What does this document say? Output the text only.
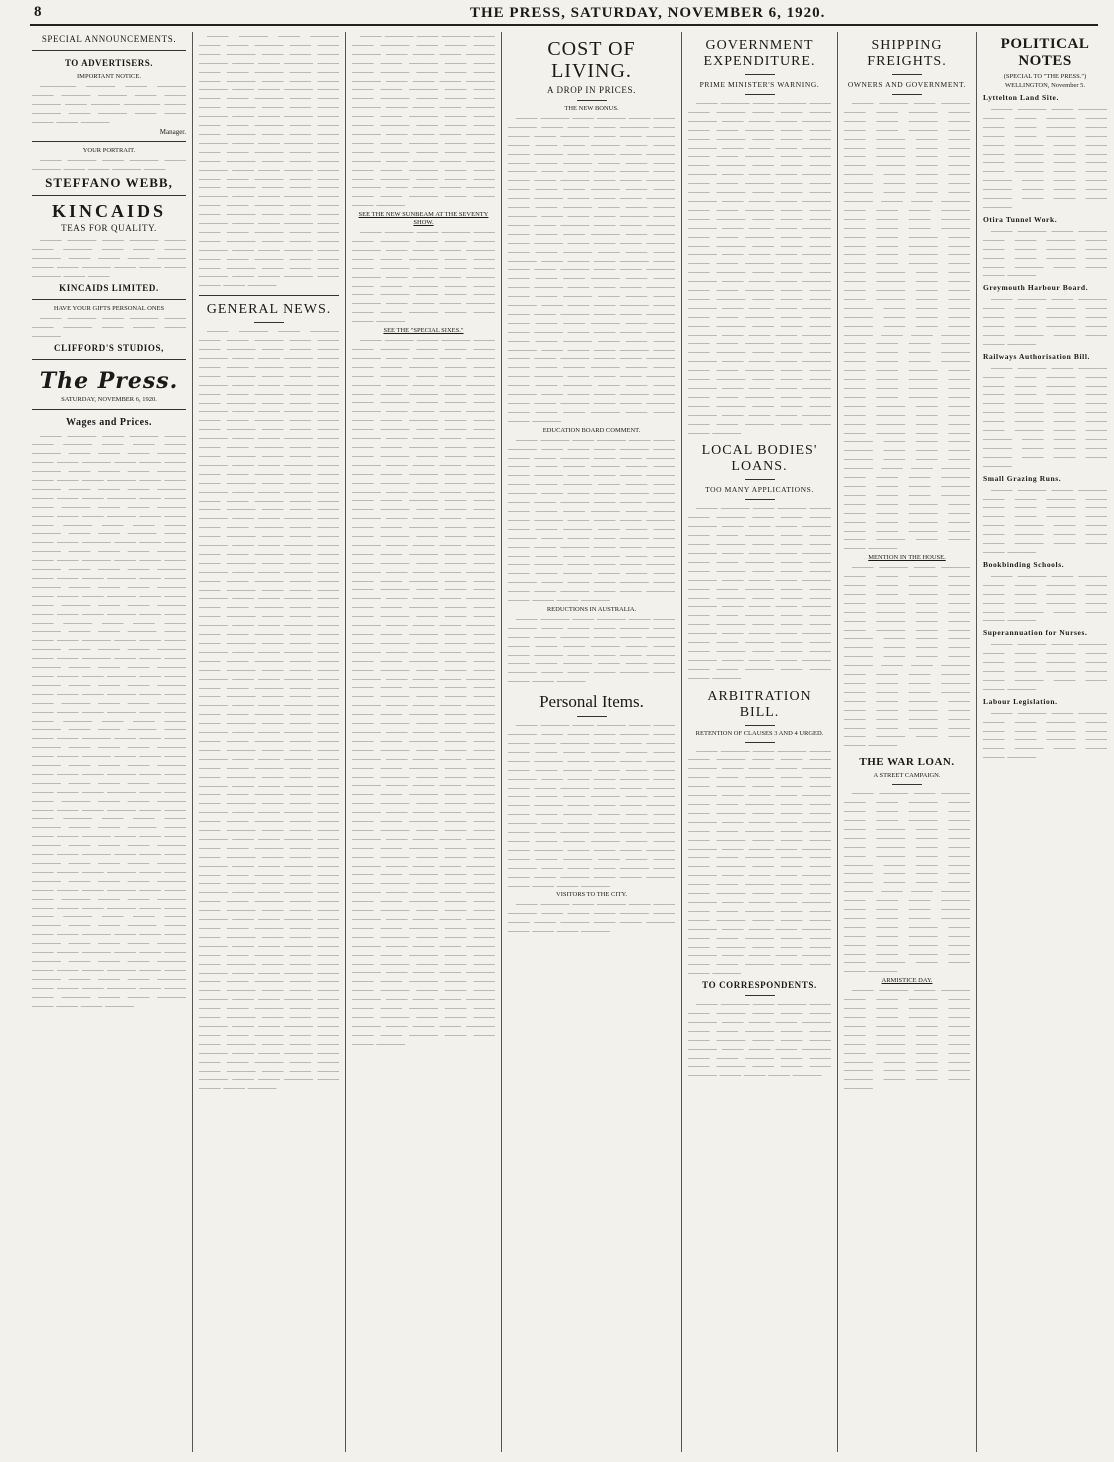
8	THE PRESS, SATURDAY, NOVEMBER 6, 1920.
SPECIAL ANNOUNCEMENTS.
TO ADVERTISERS.
IMPORTANT NOTICE.

————— ———— ——— ———— ——— ———— ———— ——— ——— ———— ——— ———— ————— ——— ———— ——— ———— ——— ——— ——— ——— ————

Manager.
YOUR PORTRAIT.

——— ———— ——— ———— ——— ———— ——— ——— ———— ———

STEFFANO WEBB,
KINCAIDS
TEAS FOR QUALITY.

——— ———— ——— ———— ——— ——— ———— ——— ——— ——— ———— ——— ——— ——— ———— ——— ——— ———— ——— ——— ——— ———— ——— ———

KINCAIDS LIMITED.
HAVE YOUR GIFTS PERSONAL ONES

——— ———— ——— ———— ——— ——— ———— ——— ——— ——— ————

CLIFFORD'S STUDIOS,
The Press.
SATURDAY, NOVEMBER 6, 1920.
Wages and Prices.

——— ———— ——— ———— ——— ——— ———— ——— ——— ——— ———— ——— ——— ——— ———— ——— ——— ———— ——— ——— ——— ———— ——— ——— ——— ———— ——— ——— ——— ———— ——— ——— ———— ——— ——— ——— ———— ——— ——— ——— ———— ——— ——— ——— ———— ——— ——— ———— ——— ——— ——— ———— ——— ——— ——— ———— ——— ——— ——— ———— ——— ——— ———— ——— ——— ——— ———— ——— ——— ——— ———— ——— ——— ——— ———— ——— ——— ———— ——— ——— ——— ———— ——— ——— ——— ———— ——— ——— ——— ———— ——— ——— ———— ——— ——— ——— ———— ——— ——— ——— ———— ——— ——— ——— ———— ——— ——— ———— ——— ——— ——— ———— ——— ——— ——— ———— ——— ——— ——— ———— ——— ——— ———— ——— ——— ——— ———— ——— ——— ——— ———— ——— ——— ——— ———— ——— ——— ———— ——— ——— ——— ———— ——— ——— ——— ———— ——— ——— ——— ———— ——— ——— ———— ——— ——— ——— ———— ——— ——— ——— ———— ——— ——— ——— ———— ——— ——— ———— ——— ——— ——— ———— ——— ——— ——— ———— ——— ——— ——— ———— ——— ——— ———— ——— ——— ——— ———— ——— ——— ——— ———— ——— ——— ——— ———— ——— ——— ———— ——— ——— ——— ———— ——— ——— ——— ———— ——— ——— ——— ———— ——— ——— ———— ——— ——— ——— ———— ——— ——— ——— ———— ——— ——— ——— ———— ——— ——— ———— ——— ——— ——— ———— ——— ——— ——— ———— ——— ——— ——— ———— ——— ——— ———— ——— ——— ——— ———— ——— ——— ——— ———— ——— ——— ——— ———— ——— ——— ———— ——— ——— ——— ———— ——— ——— ——— ———— ——— ——— ——— ———— ——— ——— ———— ——— ——— ——— ———— ——— ——— ——— ———— ——— ——— ——— ———— ——— ——— ———— ——— ——— ——— ———— ——— ——— ——— ———— ——— ——— ——— ———— ——— ——— ———— ——— ——— ——— ———— ——— ——— ——— ———— ——— ——— ——— ———— ——— ——— ———— ——— ——— ——— ———— ——— ——— ——— ———— ——— ——— ——— ———— ——— ——— ———— ——— ——— ——— ———— ——— ——— ——— ———— ——— ——— ——— ———— ——— ——— ———— ——— ——— ——— ————

——— ———— ——— ———— ——— ——— ———— ——— ——— ——— ———— ——— ——— ——— ———— ——— ——— ———— ——— ——— ——— ———— ——— ——— ——— ———— ——— ——— ——— ———— ——— ——— ———— ——— ——— ——— ———— ——— ——— ——— ———— ——— ——— ——— ———— ——— ——— ———— ——— ——— ——— ———— ——— ——— ——— ———— ——— ——— ——— ———— ——— ——— ———— ——— ——— ——— ———— ——— ——— ——— ———— ——— ——— ——— ———— ——— ——— ———— ——— ——— ——— ———— ——— ——— ——— ———— ——— ——— ——— ———— ——— ——— ———— ——— ——— ——— ———— ——— ——— ——— ———— ——— ——— ——— ———— ——— ——— ———— ——— ——— ——— ———— ——— ——— ——— ———— ——— ——— ——— ———— ——— ——— ———— ——— ——— ——— ———— ——— ——— ——— ———— ——— ——— ——— ———— ——— ——— ———— ——— ——— ——— ————

GENERAL NEWS.

——— ———— ——— ———— ——— ——— ———— ——— ——— ——— ———— ——— ——— ——— ———— ——— ——— ———— ——— ——— ——— ———— ——— ——— ——— ———— ——— ——— ——— ———— ——— ——— ———— ——— ——— ——— ———— ——— ——— ——— ———— ——— ——— ——— ———— ——— ——— ———— ——— ——— ——— ———— ——— ——— ——— ———— ——— ——— ——— ———— ——— ——— ———— ——— ——— ——— ———— ——— ——— ——— ———— ——— ——— ——— ———— ——— ——— ———— ——— ——— ——— ———— ——— ——— ——— ———— ——— ——— ——— ———— ——— ——— ———— ——— ——— ——— ———— ——— ——— ——— ———— ——— ——— ——— ———— ——— ——— ———— ——— ——— ——— ———— ——— ——— ——— ———— ——— ——— ——— ———— ——— ——— ———— ——— ——— ——— ———— ——— ——— ——— ———— ——— ——— ——— ———— ——— ——— ———— ——— ——— ——— ———— ——— ——— ——— ———— ——— ——— ——— ———— ——— ——— ———— ——— ——— ——— ———— ——— ——— ——— ———— ——— ——— ——— ———— ——— ——— ———— ——— ——— ——— ———— ——— ——— ——— ———— ——— ——— ——— ———— ——— ——— ———— ——— ——— ——— ———— ——— ——— ——— ———— ——— ——— ——— ———— ——— ——— ———— ——— ——— ——— ———— ——— ——— ——— ———— ——— ——— ——— ———— ——— ——— ———— ——— ——— ——— ———— ——— ——— ——— ———— ——— ——— ——— ———— ——— ——— ———— ——— ——— ——— ———— ——— ——— ——— ———— ——— ——— ——— ———— ——— ——— ———— ——— ——— ——— ———— ——— ——— ——— ———— ——— ——— ——— ———— ——— ——— ———— ——— ——— ——— ———— ——— ——— ——— ———— ——— ——— ——— ———— ——— ——— ———— ——— ——— ——— ———— ——— ——— ——— ———— ——— ——— ——— ———— ——— ——— ———— ——— ——— ——— ———— ——— ——— ——— ———— ——— ——— ——— ———— ——— ——— ———— ——— ——— ——— ———— ——— ——— ——— ———— ——— ——— ——— ———— ——— ——— ———— ——— ——— ——— ———— ——— ——— ——— ———— ——— ——— ——— ———— ——— ——— ———— ——— ——— ——— ———— ——— ——— ——— ———— ——— ——— ——— ———— ——— ——— ———— ——— ——— ——— ———— ——— ——— ——— ———— ——— ——— ——— ———— ——— ——— ———— ——— ——— ——— ———— ——— ——— ——— ———— ——— ——— ——— ———— ——— ——— ———— ——— ——— ——— ———— ——— ——— ——— ———— ——— ——— ——— ———— ——— ——— ———— ——— ——— ——— ———— ——— ——— ——— ———— ——— ——— ——— ———— ——— ——— ———— ——— ——— ——— ———— ——— ——— ——— ———— ——— ——— ——— ———— ——— ——— ———— ——— ——— ——— ————

——— ———— ——— ———— ——— ——— ———— ——— ——— ——— ———— ——— ——— ——— ———— ——— ——— ———— ——— ——— ——— ———— ——— ——— ——— ———— ——— ——— ——— ———— ——— ——— ———— ——— ——— ——— ———— ——— ——— ——— ———— ——— ——— ——— ———— ——— ——— ———— ——— ——— ——— ———— ——— ——— ——— ———— ——— ——— ——— ———— ——— ——— ———— ——— ——— ——— ———— ——— ——— ——— ———— ——— ——— ——— ———— ——— ——— ———— ——— ——— ——— ———— ——— ——— ——— ———— ——— ——— ——— ———— ——— ——— ———— ——— ——— ——— ————

SEE THE NEW SUNBEAM AT THE SEVENTY SHOW.

——— ———— ——— ———— ——— ——— ———— ——— ——— ——— ———— ——— ——— ——— ———— ——— ——— ———— ——— ——— ——— ———— ——— ——— ——— ———— ——— ——— ——— ———— ——— ——— ———— ——— ——— ——— ———— ——— ——— ——— ———— ——— ——— ——— ———— ——— ——— ———— ——— ——— ——— ————

SEE THE "SPECIAL SIXES."

——— ———— ——— ———— ——— ——— ———— ——— ——— ——— ———— ——— ——— ——— ———— ——— ——— ———— ——— ——— ——— ———— ——— ——— ——— ———— ——— ——— ——— ———— ——— ——— ———— ——— ——— ——— ———— ——— ——— ——— ———— ——— ——— ——— ———— ——— ——— ———— ——— ——— ——— ———— ——— ——— ——— ———— ——— ——— ——— ———— ——— ——— ———— ——— ——— ——— ———— ——— ——— ——— ———— ——— ——— ——— ———— ——— ——— ———— ——— ——— ——— ———— ——— ——— ——— ———— ——— ——— ——— ———— ——— ——— ———— ——— ——— ——— ———— ——— ——— ——— ———— ——— ——— ——— ———— ——— ——— ———— ——— ——— ——— ———— ——— ——— ——— ———— ——— ——— ——— ———— ——— ——— ———— ——— ——— ——— ———— ——— ——— ——— ———— ——— ——— ——— ———— ——— ——— ———— ——— ——— ——— ———— ——— ——— ——— ———— ——— ——— ——— ———— ——— ——— ———— ——— ——— ——— ———— ——— ——— ——— ———— ——— ——— ——— ———— ——— ——— ———— ——— ——— ——— ———— ——— ——— ——— ———— ——— ——— ——— ———— ——— ——— ———— ——— ——— ——— ———— ——— ——— ——— ———— ——— ——— ——— ———— ——— ——— ———— ——— ——— ——— ———— ——— ——— ——— ———— ——— ——— ——— ———— ——— ——— ———— ——— ——— ——— ———— ——— ——— ——— ———— ——— ——— ——— ———— ——— ——— ———— ——— ——— ——— ———— ——— ——— ——— ———— ——— ——— ——— ———— ——— ——— ———— ——— ——— ——— ———— ——— ——— ——— ———— ——— ——— ——— ———— ——— ——— ———— ——— ——— ——— ———— ——— ——— ——— ———— ——— ——— ——— ———— ——— ——— ———— ——— ——— ——— ———— ——— ——— ——— ———— ——— ——— ——— ———— ——— ——— ———— ——— ——— ——— ———— ——— ——— ——— ———— ——— ——— ——— ———— ——— ——— ———— ——— ——— ——— ———— ——— ——— ——— ———— ——— ——— ——— ———— ——— ——— ———— ——— ——— ——— ———— ——— ——— ——— ———— ——— ——— ——— ———— ——— ——— ———— ——— ——— ——— ———— ——— ——— ——— ———— ——— ——— ——— ———— ——— ——— ———— ——— ——— ——— ———— ——— ——— ——— ———— ——— ——— ——— ———— ——— ——— ———— ——— ——— ——— ———— ——— ——— ——— ———— ——— ——— ——— ———— ——— ——— ———— ——— ——— ——— ———— ——— ——— ——— ———— ——— ——— ——— ———— ——— ——— ———— ——— ——— ——— ————

COST OF LIVING.
A DROP IN PRICES.
THE NEW BONUS.

——— ———— ——— ———— ——— ——— ———— ——— ——— ——— ———— ——— ——— ——— ———— ——— ——— ———— ——— ——— ——— ———— ——— ——— ——— ———— ——— ——— ——— ———— ——— ——— ———— ——— ——— ——— ———— ——— ——— ——— ———— ——— ——— ——— ———— ——— ——— ———— ——— ——— ——— ———— ——— ——— ——— ———— ——— ——— ——— ———— ——— ——— ———— ——— ——— ——— ———— ——— ——— ——— ———— ——— ——— ——— ———— ——— ——— ———— ——— ——— ——— ———— ——— ——— ——— ———— ——— ——— ——— ———— ——— ——— ———— ——— ——— ——— ———— ——— ——— ——— ———— ——— ——— ——— ———— ——— ——— ———— ——— ——— ——— ———— ——— ——— ——— ———— ——— ——— ——— ———— ——— ——— ———— ——— ——— ——— ———— ——— ——— ——— ———— ——— ——— ——— ———— ——— ——— ———— ——— ——— ——— ———— ——— ——— ——— ———— ——— ——— ——— ———— ——— ——— ———— ——— ——— ——— ———— ——— ——— ——— ———— ——— ——— ——— ———— ——— ——— ———— ——— ——— ——— ———— ——— ——— ——— ———— ——— ——— ——— ———— ——— ——— ———— ——— ——— ——— ———— ——— ——— ——— ———— ——— ——— ——— ———— ——— ——— ———— ——— ——— ——— ———— ——— ——— ——— ————

EDUCATION BOARD COMMENT.

——— ———— ——— ———— ——— ——— ———— ——— ——— ——— ———— ——— ——— ——— ———— ——— ——— ———— ——— ——— ——— ———— ——— ——— ——— ———— ——— ——— ——— ———— ——— ——— ———— ——— ——— ——— ———— ——— ——— ——— ———— ——— ——— ——— ———— ——— ——— ———— ——— ——— ——— ———— ——— ——— ——— ———— ——— ——— ——— ———— ——— ——— ———— ——— ——— ——— ———— ——— ——— ——— ———— ——— ——— ——— ———— ——— ——— ———— ——— ——— ——— ———— ——— ——— ——— ———— ——— ——— ——— ———— ——— ——— ———— ——— ——— ——— ———— ——— ——— ——— ———— ——— ——— ——— ———— ——— ——— ———— ——— ——— ——— ————

REDUCTIONS IN AUSTRALIA.

——— ———— ——— ———— ——— ——— ———— ——— ——— ——— ———— ——— ——— ——— ———— ——— ——— ———— ——— ——— ——— ———— ——— ——— ——— ———— ——— ——— ——— ———— ——— ——— ———— ——— ——— ——— ———— ——— ——— ——— ———— ——— ——— ——— ————

Personal Items.

——— ———— ——— ———— ——— ——— ———— ——— ——— ——— ———— ——— ——— ——— ———— ——— ——— ———— ——— ——— ——— ———— ——— ——— ——— ———— ——— ——— ——— ———— ——— ——— ———— ——— ——— ——— ———— ——— ——— ——— ———— ——— ——— ——— ———— ——— ——— ———— ——— ——— ——— ———— ——— ——— ——— ———— ——— ——— ——— ———— ——— ——— ———— ——— ——— ——— ———— ——— ——— ——— ———— ——— ——— ——— ———— ——— ——— ———— ——— ——— ——— ———— ——— ——— ——— ———— ——— ——— ——— ———— ——— ——— ———— ——— ——— ——— ———— ——— ——— ——— ———— ——— ——— ——— ———— ——— ——— ———— ——— ——— ——— ————

VISITORS TO THE CITY.

——— ———— ——— ———— ——— ——— ———— ——— ——— ——— ———— ——— ——— ——— ———— ——— ——— ———— ——— ——— ——— ————

GOVERNMENT EXPENDITURE.
PRIME MINISTER'S WARNING.

——— ———— ——— ———— ——— ——— ———— ——— ——— ——— ———— ——— ——— ——— ———— ——— ——— ———— ——— ——— ——— ———— ——— ——— ——— ———— ——— ——— ——— ———— ——— ——— ———— ——— ——— ——— ———— ——— ——— ——— ———— ——— ——— ——— ———— ——— ——— ———— ——— ——— ——— ———— ——— ——— ——— ———— ——— ——— ——— ———— ——— ——— ———— ——— ——— ——— ———— ——— ——— ——— ———— ——— ——— ——— ———— ——— ——— ———— ——— ——— ——— ———— ——— ——— ——— ———— ——— ——— ——— ———— ——— ——— ———— ——— ——— ——— ———— ——— ——— ——— ———— ——— ——— ——— ———— ——— ——— ———— ——— ——— ——— ———— ——— ——— ——— ———— ——— ——— ——— ———— ——— ——— ———— ——— ——— ——— ———— ——— ——— ——— ———— ——— ——— ——— ———— ——— ——— ———— ——— ——— ——— ———— ——— ——— ——— ———— ——— ——— ——— ———— ——— ——— ———— ——— ——— ——— ———— ——— ——— ——— ———— ——— ——— ——— ———— ——— ——— ———— ——— ——— ——— ———— ——— ——— ——— ———— ——— ——— ——— ———— ——— ——— ———— ——— ——— ——— ————

LOCAL BODIES' LOANS.
TOO MANY APPLICATIONS.

——— ———— ——— ———— ——— ——— ———— ——— ——— ——— ———— ——— ——— ——— ———— ——— ——— ———— ——— ——— ——— ———— ——— ——— ——— ———— ——— ——— ——— ———— ——— ——— ———— ——— ——— ——— ———— ——— ——— ——— ———— ——— ——— ——— ———— ——— ——— ———— ——— ——— ——— ———— ——— ——— ——— ———— ——— ——— ——— ———— ——— ——— ———— ——— ——— ——— ———— ——— ——— ——— ———— ——— ——— ——— ———— ——— ——— ———— ——— ——— ——— ———— ——— ——— ——— ———— ——— ——— ——— ———— ——— ——— ———— ——— ——— ——— ————

ARBITRATION BILL.
RETENTION OF CLAUSES 3 AND 4 URGED.

——— ———— ——— ———— ——— ——— ———— ——— ——— ——— ———— ——— ——— ——— ———— ——— ——— ———— ——— ——— ——— ———— ——— ——— ——— ———— ——— ——— ——— ———— ——— ——— ———— ——— ——— ——— ———— ——— ——— ——— ———— ——— ——— ——— ———— ——— ——— ———— ——— ——— ——— ———— ——— ——— ——— ———— ——— ——— ——— ———— ——— ——— ———— ——— ——— ——— ———— ——— ——— ——— ———— ——— ——— ——— ———— ——— ——— ———— ——— ——— ——— ———— ——— ——— ——— ———— ——— ——— ——— ———— ——— ——— ———— ——— ——— ——— ———— ——— ——— ——— ———— ——— ——— ——— ———— ——— ——— ———— ——— ——— ——— ———— ——— ——— ——— ———— ——— ——— ——— ———— ——— ——— ———— ——— ——— ——— ————

TO CORRESPONDENTS.

——— ———— ——— ———— ——— ——— ———— ——— ——— ——— ———— ——— ——— ——— ———— ——— ——— ———— ——— ——— ——— ———— ——— ——— ——— ———— ——— ——— ——— ———— ——— ——— ———— ——— ——— ——— ———— ——— ——— ——— ———— ——— ——— ——— ————

SHIPPING FREIGHTS.
OWNERS AND GOVERNMENT.

——— ———— ——— ———— ——— ——— ———— ——— ——— ——— ———— ——— ——— ——— ———— ——— ——— ———— ——— ——— ——— ———— ——— ——— ——— ———— ——— ——— ——— ———— ——— ——— ———— ——— ——— ——— ———— ——— ——— ——— ———— ——— ——— ——— ———— ——— ——— ———— ——— ——— ——— ———— ——— ——— ——— ———— ——— ——— ——— ———— ——— ——— ———— ——— ——— ——— ———— ——— ——— ——— ———— ——— ——— ——— ———— ——— ——— ———— ——— ——— ——— ———— ——— ——— ——— ———— ——— ——— ——— ———— ——— ——— ———— ——— ——— ——— ———— ——— ——— ——— ———— ——— ——— ——— ———— ——— ——— ———— ——— ——— ——— ———— ——— ——— ——— ———— ——— ——— ——— ———— ——— ——— ———— ——— ——— ——— ———— ——— ——— ——— ———— ——— ——— ——— ———— ——— ——— ———— ——— ——— ——— ———— ——— ——— ——— ———— ——— ——— ——— ———— ——— ——— ———— ——— ——— ——— ———— ——— ——— ——— ———— ——— ——— ——— ———— ——— ——— ———— ——— ——— ——— ———— ——— ——— ——— ———— ——— ——— ——— ———— ——— ——— ———— ——— ——— ——— ———— ——— ——— ——— ———— ——— ——— ——— ———— ——— ——— ———— ——— ——— ——— ————

MENTION IN THE HOUSE.

——— ———— ——— ———— ——— ——— ———— ——— ——— ——— ———— ——— ——— ——— ———— ——— ——— ———— ——— ——— ——— ———— ——— ——— ——— ———— ——— ——— ——— ———— ——— ——— ———— ——— ——— ——— ———— ——— ——— ——— ———— ——— ——— ——— ———— ——— ——— ———— ——— ——— ——— ———— ——— ——— ——— ———— ——— ——— ——— ———— ——— ——— ———— ——— ——— ——— ———— ——— ——— ——— ———— ——— ——— ——— ———— ——— ——— ———— ——— ——— ——— ————

THE WAR LOAN.
A STREET CAMPAIGN.

——— ———— ——— ———— ——— ——— ———— ——— ——— ——— ———— ——— ——— ——— ———— ——— ——— ———— ——— ——— ——— ———— ——— ——— ——— ———— ——— ——— ——— ———— ——— ——— ———— ——— ——— ——— ———— ——— ——— ——— ———— ——— ——— ——— ———— ——— ——— ———— ——— ——— ——— ———— ——— ——— ——— ———— ——— ——— ——— ———— ——— ——— ———— ——— ——— ——— ———— ——— ——— ——— ———— ——— ——— ——— ———— ——— ——— ———— ——— ——— ——— ————

ARMISTICE DAY.

——— ———— ——— ———— ——— ——— ———— ——— ——— ——— ———— ——— ——— ——— ———— ——— ——— ———— ——— ——— ——— ———— ——— ——— ——— ———— ——— ——— ——— ———— ——— ——— ———— ——— ——— ——— ———— ——— ——— ——— ———— ——— ——— ——— ————

POLITICAL NOTES
(SPECIAL TO "THE PRESS.")
WELLINGTON, November 5.
Lyttelton Land Site.

——— ———— ——— ———— ——— ——— ———— ——— ——— ——— ———— ——— ——— ——— ———— ——— ——— ———— ——— ——— ——— ———— ——— ——— ——— ———— ——— ——— ——— ———— ——— ——— ———— ——— ——— ——— ———— ——— ——— ——— ———— ——— ——— ——— ————

Otira Tunnel Work.

——— ———— ——— ———— ——— ——— ———— ——— ——— ——— ———— ——— ——— ——— ———— ——— ——— ———— ——— ——— ——— ————

Greymouth Harbour Board.

——— ———— ——— ———— ——— ——— ———— ——— ——— ——— ———— ——— ——— ——— ———— ——— ——— ———— ——— ——— ——— ————

Railways Authorisation Bill.

——— ———— ——— ———— ——— ——— ———— ——— ——— ——— ———— ——— ——— ——— ———— ——— ——— ———— ——— ——— ——— ———— ——— ——— ——— ———— ——— ——— ——— ———— ——— ——— ———— ——— ——— ——— ———— ——— ——— ——— ———— ——— ——— ——— ————

Small Grazing Runs.

——— ———— ——— ———— ——— ——— ———— ——— ——— ——— ———— ——— ——— ——— ———— ——— ——— ———— ——— ——— ——— ———— ——— ——— ——— ———— ——— ——— ——— ————

Bookbinding Schools.

——— ———— ——— ———— ——— ——— ———— ——— ——— ——— ———— ——— ——— ——— ———— ——— ——— ———— ——— ——— ——— ————

Superannuation for Nurses.

——— ———— ——— ———— ——— ——— ———— ——— ——— ——— ———— ——— ——— ——— ———— ——— ——— ———— ——— ——— ——— ————

Labour Legislation.

——— ———— ——— ———— ——— ——— ———— ——— ——— ——— ———— ——— ——— ——— ———— ——— ——— ———— ——— ——— ——— ————
